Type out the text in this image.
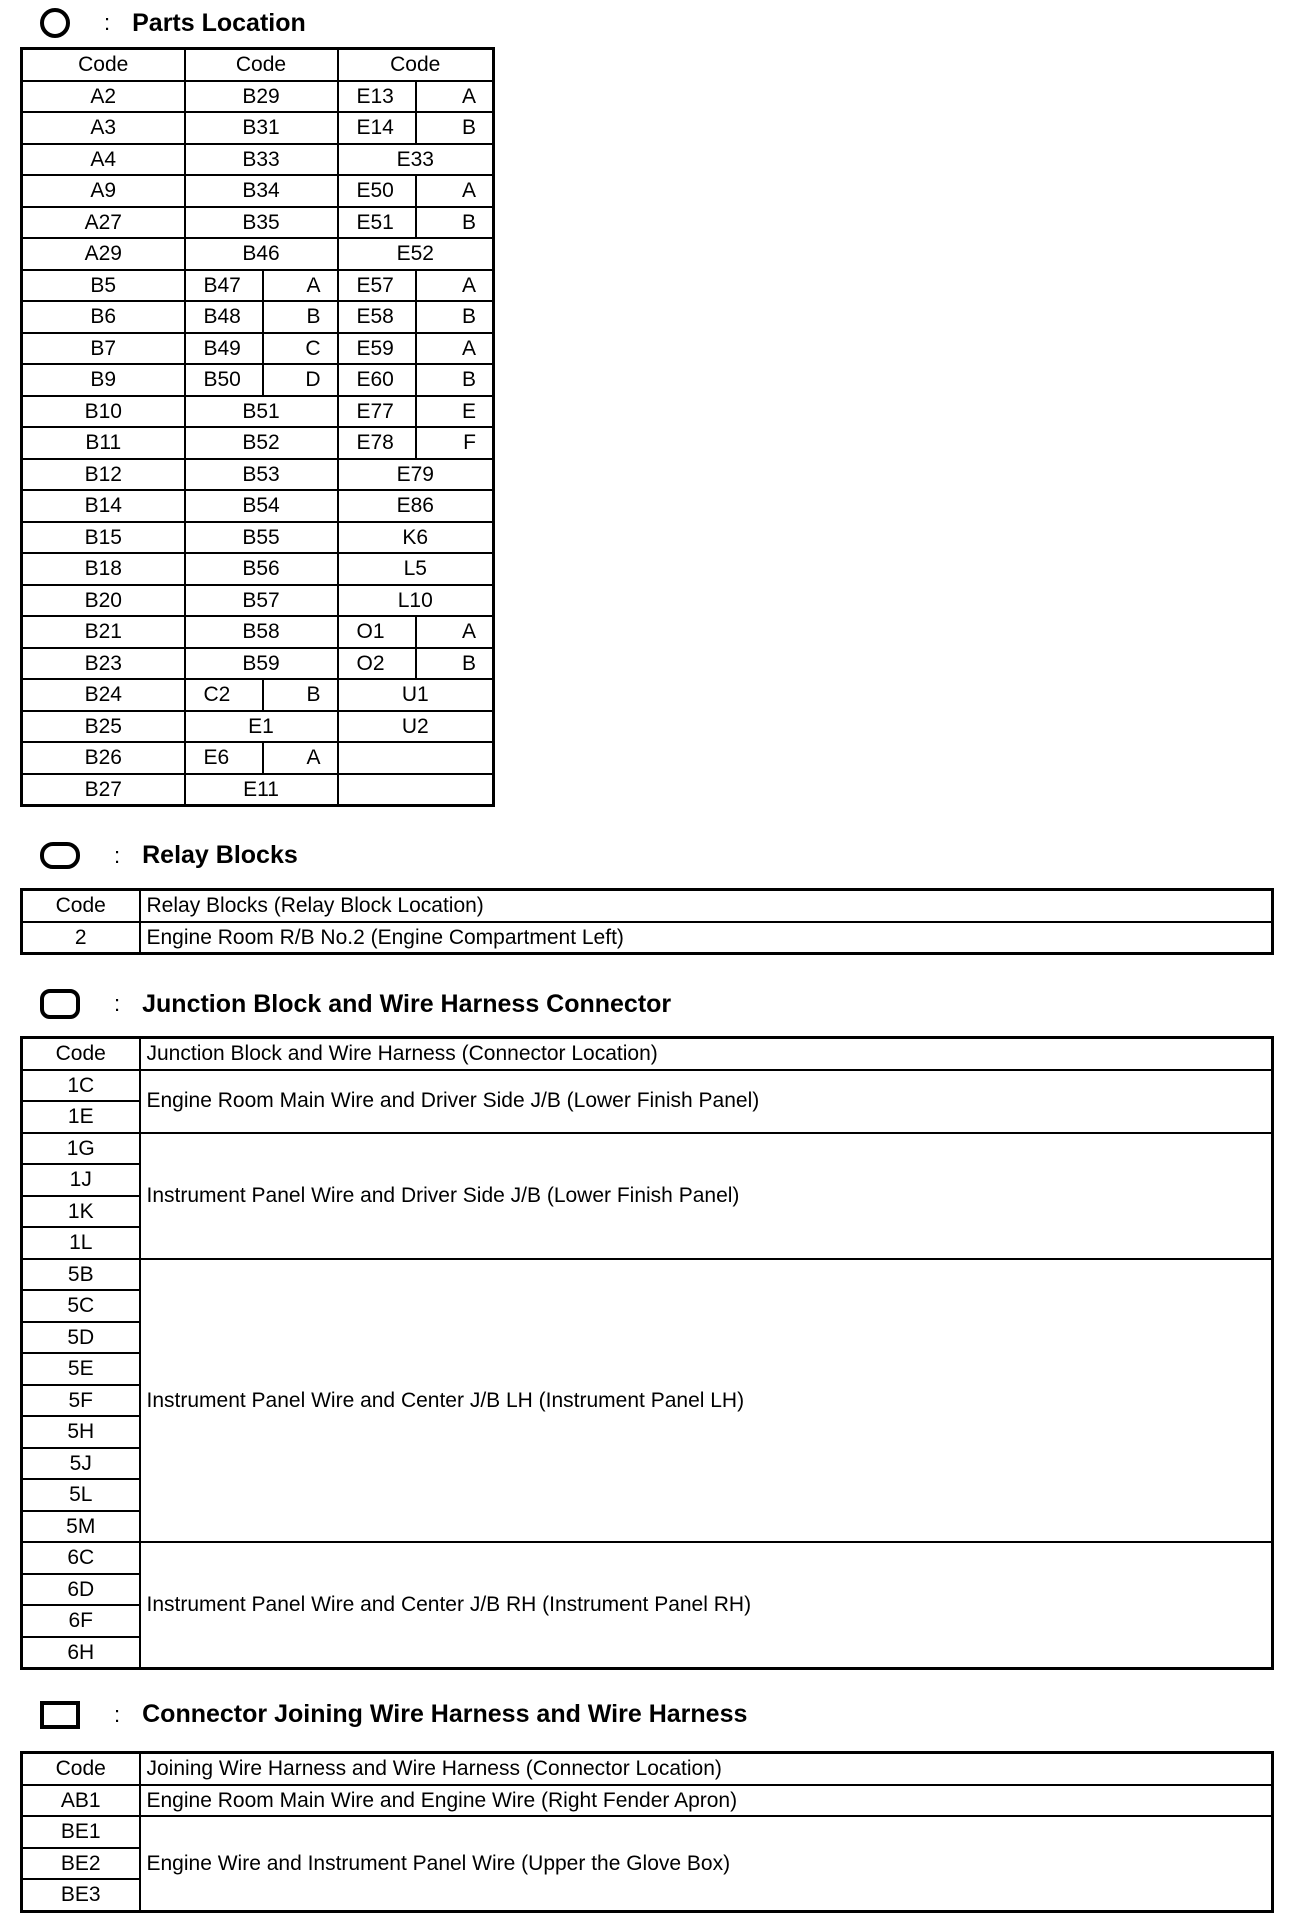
: Parts Location
Code	Code		Code	
A2	B29		E13	A
A3	B31		E14	B
A4	B33		E33	
A9	B34		E50	A
A27	B35		E51	B
A29	B46		E52	
B5	B47	A	E57	A
B6	B48	B	E58	B
B7	B49	C	E59	A
B9	B50	D	E60	B
B10	B51		E77	E
B11	B52		E78	F
B12	B53		E79	
B14	B54		E86	
B15	B55		K6	
B18	B56		L5	
B20	B57		L10	
B21	B58		O1	A
B23	B59		O2	B
B24	C2	B	U1	
B25	E1		U2	
B26	E6	A		
B27	E11			
: Relay Blocks
Code	Relay Blocks (Relay Block Location)
2	Engine Room R/B No.2 (Engine Compartment Left)
: Junction Block and Wire Harness Connector
Code	Junction Block and Wire Harness (Connector Location)
1C	Engine Room Main Wire and Driver Side J/B (Lower Finish Panel)
1E	
1G	Instrument Panel Wire and Driver Side J/B (Lower Finish Panel)
1J	
1K	
1L	
5B	Instrument Panel Wire and Center J/B LH (Instrument Panel LH)
5C	
5D	
5E	
5F	
5H	
5J	
5L	
5M	
6C	Instrument Panel Wire and Center J/B RH (Instrument Panel RH)
6D	
6F	
6H	
: Connector Joining Wire Harness and Wire Harness
Code	Joining Wire Harness and Wire Harness (Connector Location)
AB1	Engine Room Main Wire and Engine Wire (Right Fender Apron)
BE1	Engine Wire and Instrument Panel Wire (Upper the Glove Box)
BE2	
BE3	
